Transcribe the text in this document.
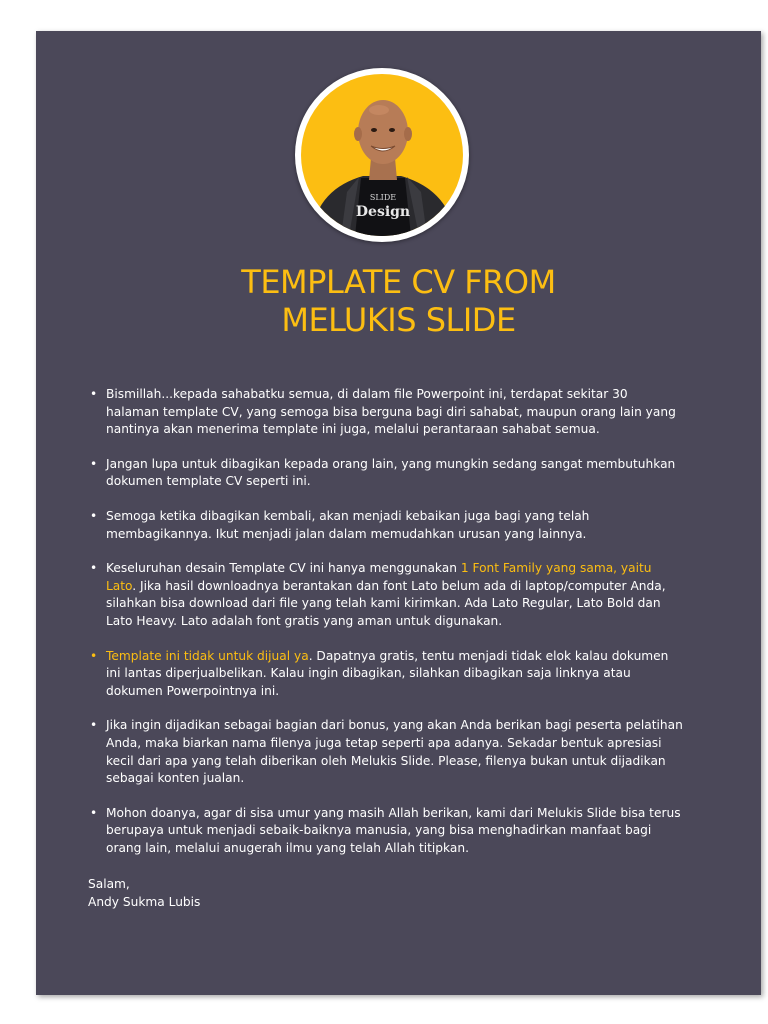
SLIDE
Design
TEMPLATE CV FROM
MELUKIS SLIDE
• Bismillah...kepada sahabatku semua, di dalam file Powerpoint ini, terdapat sekitar 30 halaman template CV, yang semoga bisa berguna bagi diri sahabat, maupun orang lain yang nantinya akan menerima template ini juga, melalui perantaraan sahabat semua.
• Jangan lupa untuk dibagikan kepada orang lain, yang mungkin sedang sangat membutuhkan dokumen template CV seperti ini.
• Semoga ketika dibagikan kembali, akan menjadi kebaikan juga bagi yang telah membagikannya. Ikut menjadi jalan dalam memudahkan urusan yang lainnya.
• Keseluruhan desain Template CV ini hanya menggunakan 1 Font Family yang sama, yaitu Lato. Jika hasil downloadnya berantakan dan font Lato belum ada di laptop/computer Anda, silahkan bisa download dari file yang telah kami kirimkan. Ada Lato Regular, Lato Bold dan Lato Heavy. Lato adalah font gratis yang aman untuk digunakan.
• Template ini tidak untuk dijual ya. Dapatnya gratis, tentu menjadi tidak elok kalau dokumen ini lantas diperjualbelikan. Kalau ingin dibagikan, silahkan dibagikan saja linknya atau dokumen Powerpointnya ini.
• Jika ingin dijadikan sebagai bagian dari bonus, yang akan Anda berikan bagi peserta pelatihan Anda, maka biarkan nama filenya juga tetap seperti apa adanya. Sekadar bentuk apresiasi kecil dari apa yang telah diberikan oleh Melukis Slide. Please, filenya bukan untuk dijadikan sebagai konten jualan.
• Mohon doanya, agar di sisa umur yang masih Allah berikan, kami dari Melukis Slide bisa terus berupaya untuk menjadi sebaik-baiknya manusia, yang bisa menghadirkan manfaat bagi orang lain, melalui anugerah ilmu yang telah Allah titipkan.
Salam,
Andy Sukma Lubis
